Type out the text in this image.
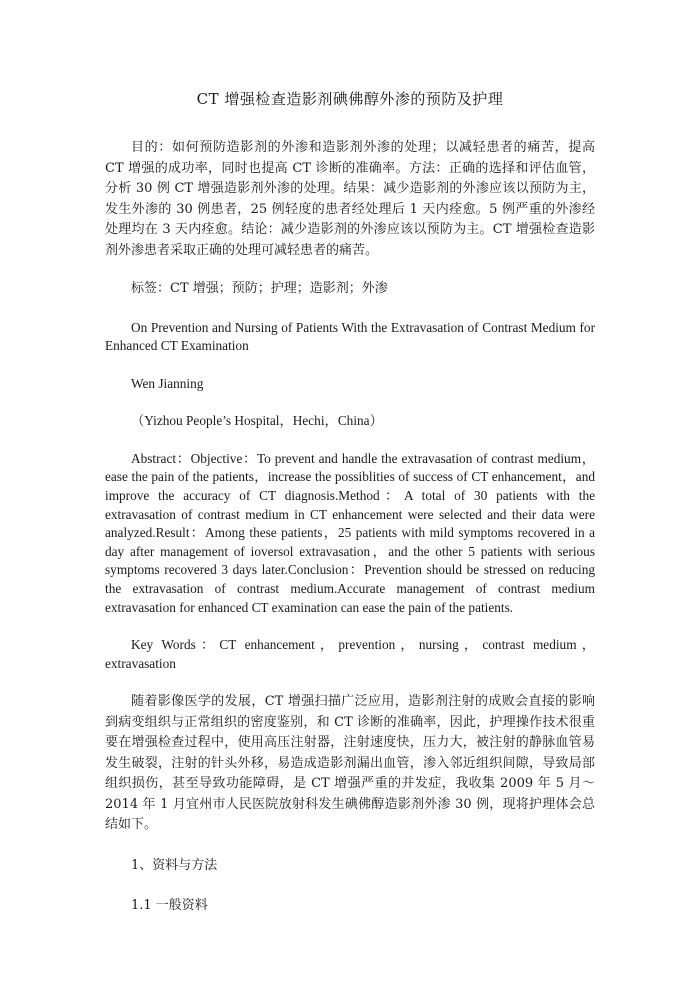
CT 增强检查造影剂碘佛醇外渗的预防及护理

目的：如何预防造影剂的外渗和造影剂外渗的处理；以减轻患者的痛苦，提高 CT 增强的成功率，同时也提高 CT 诊断的准确率。方法：正确的选择和评估血管，分析 30 例 CT 增强造影剂外渗的处理。结果：减少造影剂的外渗应该以预防为主，发生外渗的 30 例患者，25 例轻度的患者经处理后 1 天内痊愈。5 例严重的外渗经处理均在 3 天内痊愈。结论：减少造影剂的外渗应该以预防为主。CT 增强检查造影剂外渗患者采取正确的处理可减轻患者的痛苦。

标签：CT 增强；预防；护理；造影剂；外渗

On Prevention and Nursing of Patients With the Extravasation of Contrast Medium for Enhanced CT Examination

Wen Jianning

（Yizhou People’s Hospital，Hechi，China）

Abstract：Objective：To prevent and handle the extravasation of contrast medium，ease the pain of the patients，increase the possiblities of success of CT enhancement，and improve the accuracy of CT diagnosis.Method：A total of 30 patients with the extravasation of contrast medium in CT enhancement were selected and their data were analyzed.Result：Among these patients，25 patients with mild symptoms recovered in a day after management of ioversol extravasation，and the other 5 patients with serious symptoms recovered 3 days later.Conclusion：Prevention should be stressed on reducing the extravasation of contrast medium.Accurate management of contrast medium extravasation for enhanced CT examination can ease the pain of the patients.

Key Words：CT enhancement，prevention，nursing，contrast medium，extravasation

随着影像医学的发展，CT 增强扫描广泛应用，造影剂注射的成败会直接的影响到病变组织与正常组织的密度鉴别，和 CT 诊断的准确率，因此，护理操作技术很重要在增强检查过程中，使用高压注射器，注射速度快，压力大，被注射的静脉血管易发生破裂，注射的针头外移，易造成造影剂漏出血管，渗入邻近组织间隙，导致局部组织损伤，甚至导致功能障碍，是 CT 增强严重的并发症，我收集 2009 年 5 月～ 2014 年 1 月宜州市人民医院放射科发生碘佛醇造影剂外渗 30 例，现将护理体会总结如下。

1、资料与方法

1.1 一般资料
